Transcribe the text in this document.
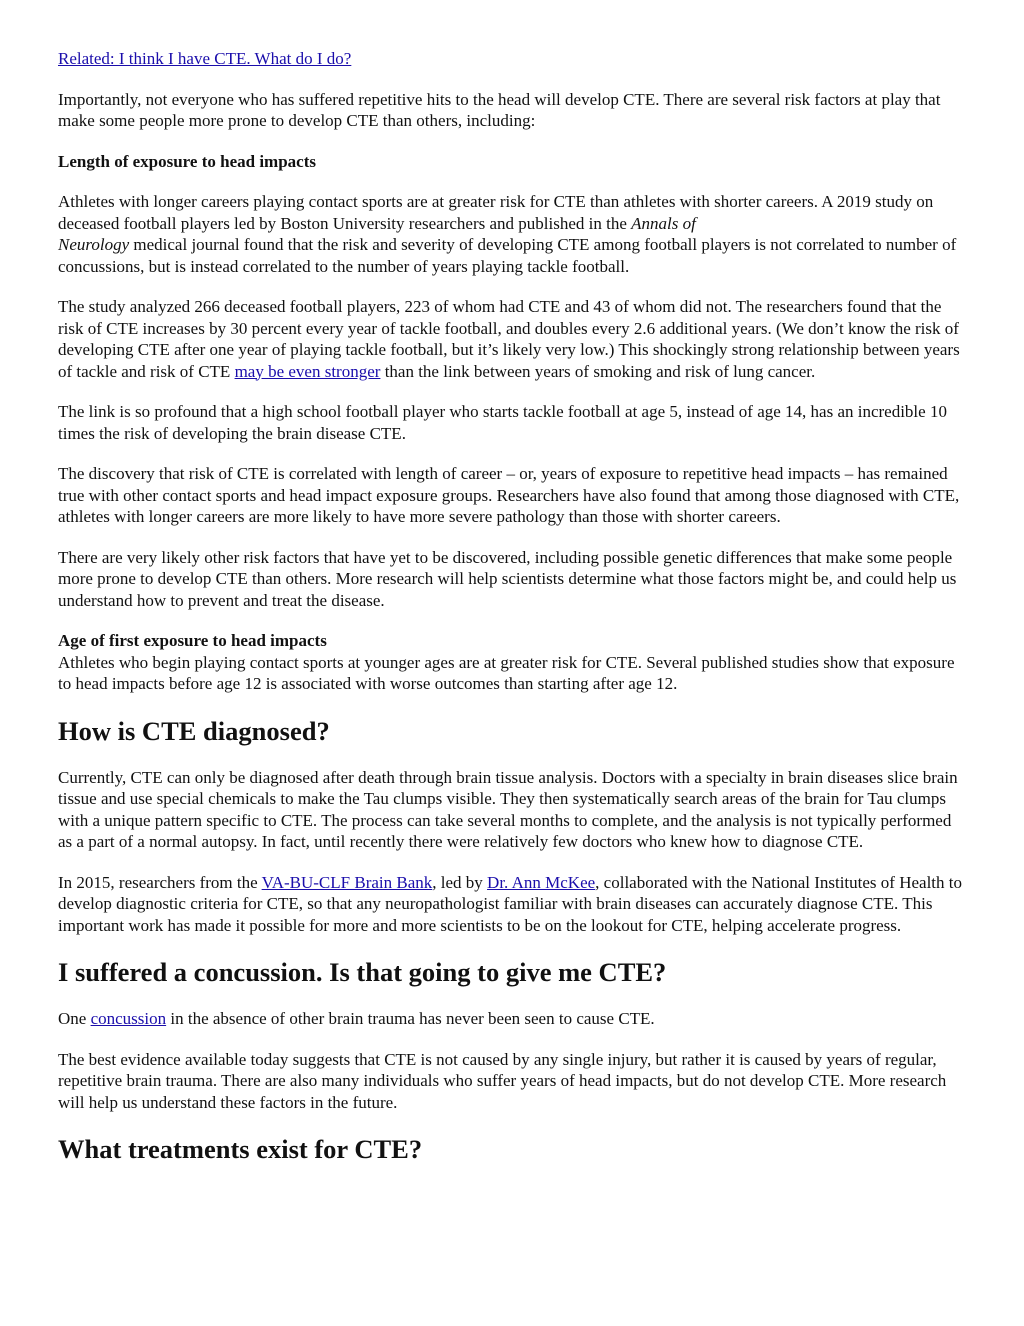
Related: I think I have CTE. What do I do?

Importantly, not everyone who has suffered repetitive hits to the head will develop CTE. There are several risk factors at play that make some people more prone to develop CTE than others, including:

Length of exposure to head impacts

Athletes with longer careers playing contact sports are at greater risk for CTE than athletes with shorter careers. A 2019 study on deceased football players led by Boston University researchers and published in the Annals of
Neurology medical journal found that the risk and severity of developing CTE among football players is not correlated to number of concussions, but is instead correlated to the number of years playing tackle football.

The study analyzed 266 deceased football players, 223 of whom had CTE and 43 of whom did not. The researchers found that the risk of CTE increases by 30 percent every year of tackle football, and doubles every 2.6 additional years. (We don’t know the risk of developing CTE after one year of playing tackle football, but it’s likely very low.) This shockingly strong relationship between years of tackle and risk of CTE may be even stronger than the link between years of smoking and risk of lung cancer.

The link is so profound that a high school football player who starts tackle football at age 5, instead of age 14, has an incredible 10 times the risk of developing the brain disease CTE.

The discovery that risk of CTE is correlated with length of career – or, years of exposure to repetitive head impacts – has remained true with other contact sports and head impact exposure groups. Researchers have also found that among those diagnosed with CTE, athletes with longer careers are more likely to have more severe pathology than those with shorter careers.

There are very likely other risk factors that have yet to be discovered, including possible genetic differences that make some people more prone to develop CTE than others. More research will help scientists determine what those factors might be, and could help us understand how to prevent and treat the disease.

Age of first exposure to head impacts

Athletes who begin playing contact sports at younger ages are at greater risk for CTE. Several published studies show that exposure to head impacts before age 12 is associated with worse outcomes than starting after age 12.

How is CTE diagnosed?

Currently, CTE can only be diagnosed after death through brain tissue analysis. Doctors with a specialty in brain diseases slice brain tissue and use special chemicals to make the Tau clumps visible. They then systematically search areas of the brain for Tau clumps with a unique pattern specific to CTE. The process can take several months to complete, and the analysis is not typically performed as a part of a normal autopsy. In fact, until recently there were relatively few doctors who knew how to diagnose CTE.

In 2015, researchers from the VA-BU-CLF Brain Bank, led by Dr. Ann McKee, collaborated with the National Institutes of Health to develop diagnostic criteria for CTE, so that any neuropathologist familiar with brain diseases can accurately diagnose CTE. This important work has made it possible for more and more scientists to be on the lookout for CTE, helping accelerate progress.

I suffered a concussion. Is that going to give me CTE?

One concussion in the absence of other brain trauma has never been seen to cause CTE.

The best evidence available today suggests that CTE is not caused by any single injury, but rather it is caused by years of regular, repetitive brain trauma. There are also many individuals who suffer years of head impacts, but do not develop CTE. More research will help us understand these factors in the future.

What treatments exist for CTE?
